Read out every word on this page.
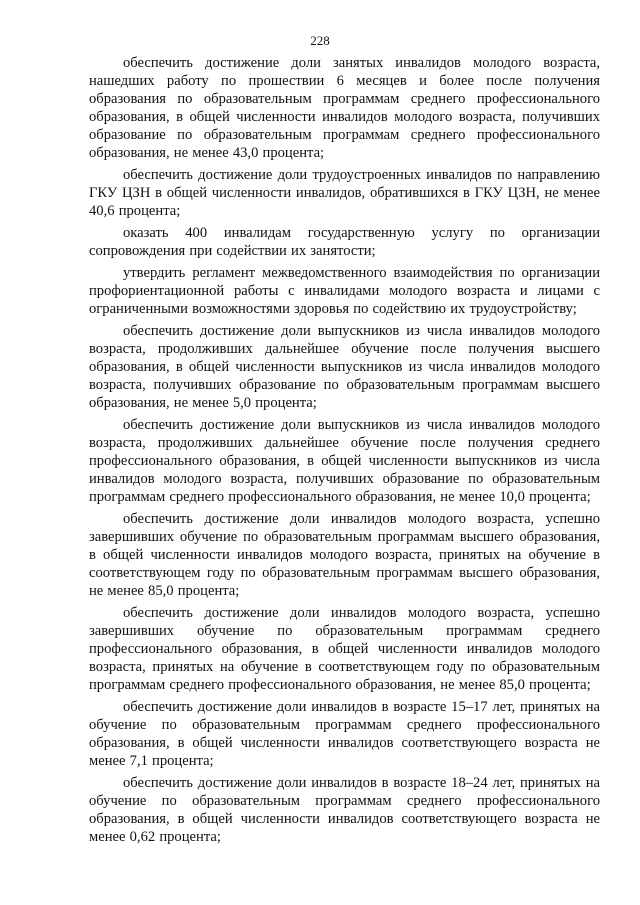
228

обеспечить достижение доли занятых инвалидов молодого возраста, нашедших работу по прошествии 6 месяцев и более после получения образования по образовательным программам среднего профессионального образования, в общей численности инвалидов молодого возраста, получивших образование по образовательным программам среднего профессионального образования, не менее 43,0 процента;

обеспечить достижение доли трудоустроенных инвалидов по направлению ГКУ ЦЗН в общей численности инвалидов, обратившихся в ГКУ ЦЗН, не менее 40,6 процента;

оказать 400 инвалидам государственную услугу по организации сопровождения при содействии их занятости;

утвердить регламент межведомственного взаимодействия по организации профориентационной работы с инвалидами молодого возраста и лицами с ограниченными возможностями здоровья по содействию их трудоустройству;

обеспечить достижение доли выпускников из числа инвалидов молодого возраста, продолживших дальнейшее обучение после получения высшего образования, в общей численности выпускников из числа инвалидов молодого возраста, получивших образование по образовательным программам высшего образования, не менее 5,0 процента;

обеспечить достижение доли выпускников из числа инвалидов молодого возраста, продолживших дальнейшее обучение после получения среднего профессионального образования, в общей численности выпускников из числа инвалидов молодого возраста, получивших образование по образовательным программам среднего профессионального образования, не менее 10,0 процента;

обеспечить достижение доли инвалидов молодого возраста, успешно завершивших обучение по образовательным программам высшего образования, в общей численности инвалидов молодого возраста, принятых на обучение в соответствующем году по образовательным программам высшего образования, не менее 85,0 процента;

обеспечить достижение доли инвалидов молодого возраста, успешно завершивших обучение по образовательным программам среднего профессионального образования, в общей численности инвалидов молодого возраста, принятых на обучение в соответствующем году по образовательным программам среднего профессионального образования, не менее 85,0 процента;

обеспечить достижение доли инвалидов в возрасте 15–17 лет, принятых на обучение по образовательным программам среднего профессионального образования, в общей численности инвалидов соответствующего возраста не менее 7,1 процента;

обеспечить достижение доли инвалидов в возрасте 18–24 лет, принятых на обучение по образовательным программам среднего профессионального образования, в общей численности инвалидов соответствующего возраста не менее 0,62 процента;
